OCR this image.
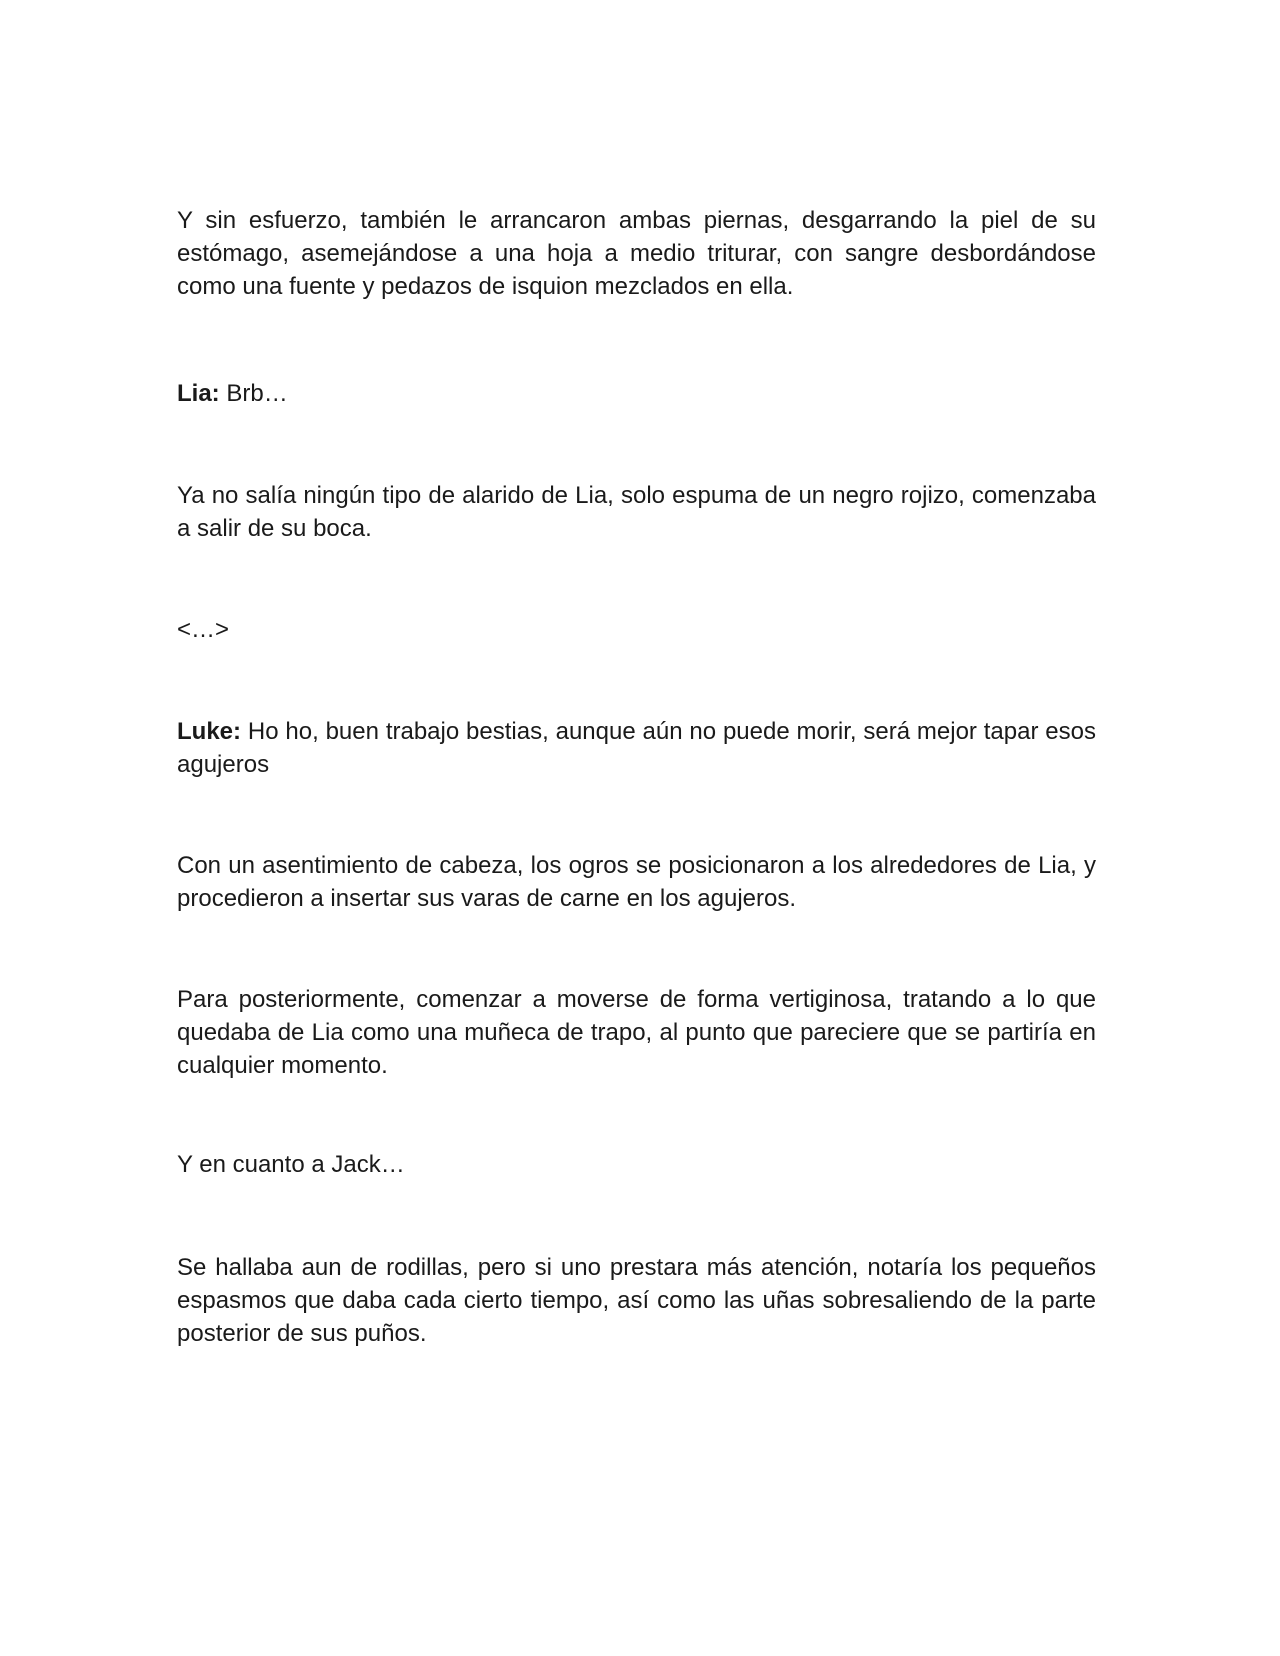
Y sin esfuerzo, también le arrancaron ambas piernas, desgarrando la piel de su estómago, asemejándose a una hoja a medio triturar, con sangre desbordándose como una fuente y pedazos de isquion mezclados en ella.

Lia: Brb…

Ya no salía ningún tipo de alarido de Lia, solo espuma de un negro rojizo, comenzaba a salir de su boca.

<…>

Luke: Ho ho, buen trabajo bestias, aunque aún no puede morir, será mejor tapar esos agujeros

Con un asentimiento de cabeza, los ogros se posicionaron a los alrededores de Lia, y procedieron a insertar sus varas de carne en los agujeros.

Para posteriormente, comenzar a moverse de forma vertiginosa, tratando a lo que quedaba de Lia como una muñeca de trapo, al punto que pareciere que se partiría en cualquier momento.

Y en cuanto a Jack…

Se hallaba aun de rodillas, pero si uno prestara más atención, notaría los pequeños espasmos que daba cada cierto tiempo, así como las uñas sobresaliendo de la parte posterior de sus puños.
